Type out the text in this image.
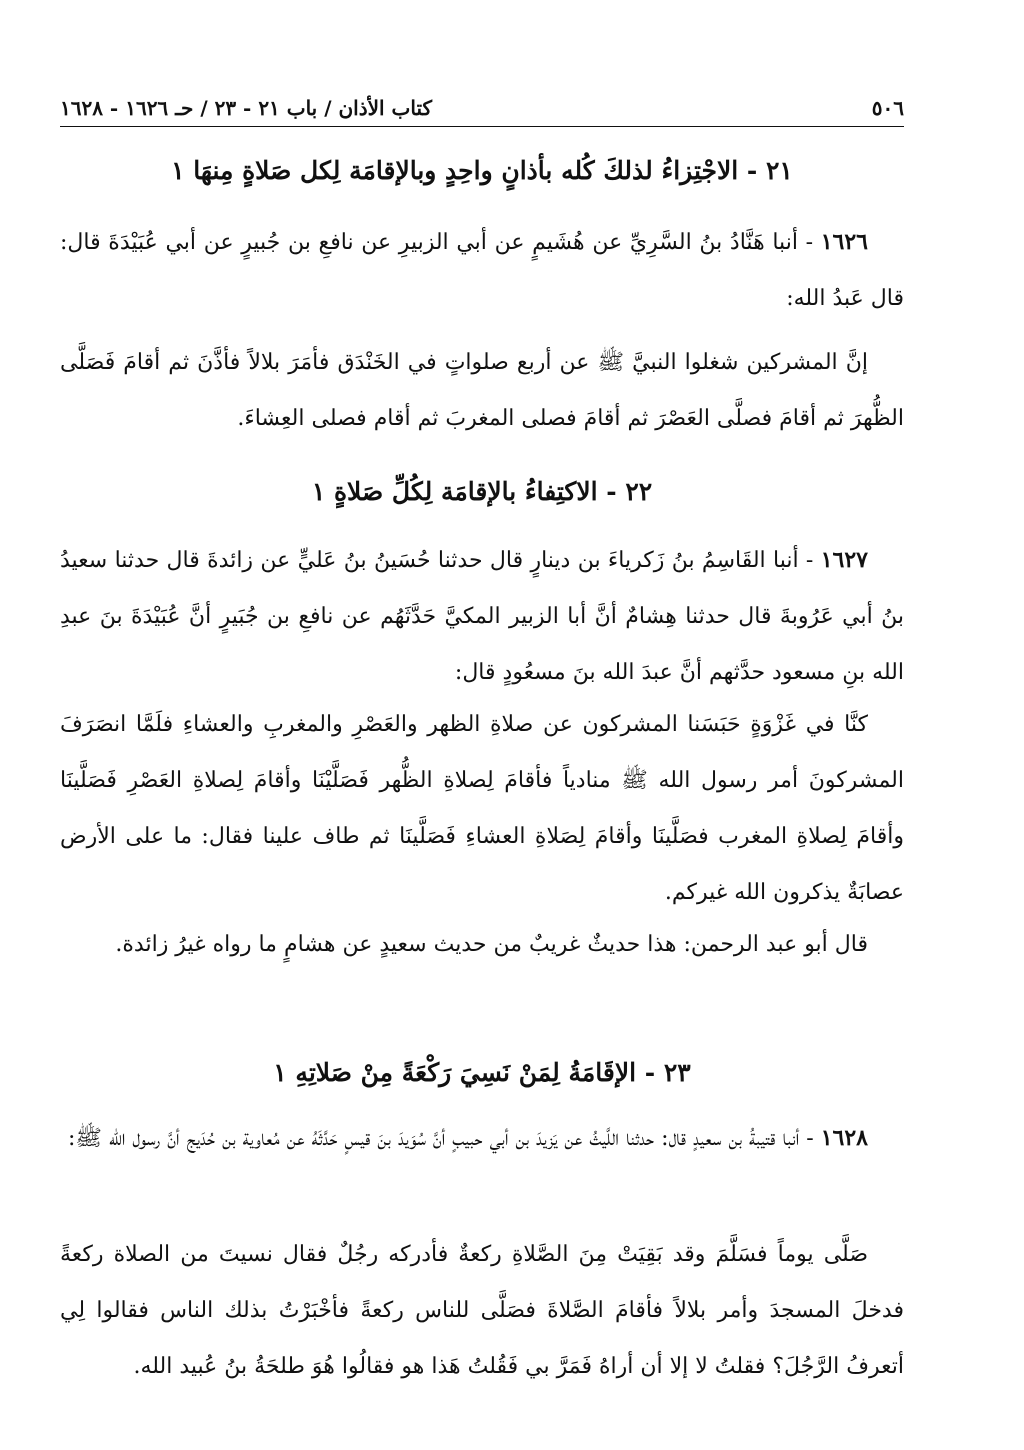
٥٠٦
كتاب الأذان / باب ٢١ - ٢٣ / حـ ١٦٢٦ - ١٦٢٨
٢١ - الاجْتِزاءُ لذلكَ كُله بأذانٍ واحِدٍ وبالإقامَة لِكل صَلاةٍ مِنهَا ١

١٦٢٦ - أنبا هَنَّادُ بنُ السَّرِيِّ عن هُشَيمٍ عن أبي الزبيرِ عن نافعِ بن جُبيرٍ عن أبي عُبَيْدَةَ قال: قال عَبدُ الله:

إنَّ المشركين شغلوا النبيَّ ﷺ عن أربع صلواتٍ في الخَنْدَق فأمَرَ بلالاً فأذَّنَ ثم أقامَ فَصَلَّى الظُّهرَ ثم أقامَ فصلَّى العَصْرَ ثم أقامَ فصلى المغربَ ثم أقام فصلى العِشاءَ.

٢٢ - الاكتِفاءُ بالإقامَة لِكُلِّ صَلاةٍ ١

١٦٢٧ - أنبا القَاسِمُ بنُ زَكرياءَ بن دينارٍ قال حدثنا حُسَينُ بنُ عَليٍّ عن زائدةَ قال حدثنا سعيدُ بنُ أبي عَرُوبةَ قال حدثنا هِشامٌ أنَّ أبا الزبير المكيَّ حَدَّثَهُم عن نافعِ بن جُبَيرٍ أنَّ عُبَيْدَةَ بنَ عبدِ الله بنِ مسعود حدَّثهم أنَّ عبدَ الله بنَ مسعُودٍ قال:

كنَّا في غَزْوَةٍ حَبَسَنا المشركون عن صلاةِ الظهر والعَصْرِ والمغربِ والعشاءِ فلَمَّا انصَرَفَ المشركونَ أمر رسول الله ﷺ منادياً فأقامَ لِصلاةِ الظُّهر فَصَلَّيْنَا وأقامَ لِصلاةِ العَصْرِ فَصَلَّينَا وأقامَ لِصلاةِ المغرب فصَلَّينَا وأقامَ لِصَلاةِ العشاءِ فَصَلَّينَا ثم طاف علينا فقال: ما على الأرض عصابَةٌ يذكرون الله غيركم.

قال أبو عبد الرحمن: هذا حديثٌ غريبٌ من حديث سعيدٍ عن هشامٍ ما رواه غيرُ زائدة.

٢٣ - الإقَامَةُ لِمَنْ نَسِيَ رَكْعَةً مِنْ صَلاتِهِ ١

١٦٢٨ - أنبا قتيبةُ بن سعيدٍ قال: حدثنا اللَّيثُ عن يَزيدَ بن أبي حبيبٍ أنَّ سُوَيدَ بنَ قيسٍ حَدَّثَهُ عن مُعاوية بن حُدَيج أنَّ رسول الله ﷺ:

صَلَّى يوماً فسَلَّمَ وقد بَقِيَتْ مِنَ الصَّلاةِ ركعةٌ فأدركه رجُلٌ فقال نسيتَ من الصلاة ركعةً فدخلَ المسجدَ وأمر بلالاً فأقامَ الصَّلاةَ فصَلَّى للناس ركعةً فأخْبَرْتُ بذلك الناس فقالوا لِي أتعرفُ الرَّجُلَ؟ فقلتُ لا إلا أن أراهُ فَمَرَّ بي فَقُلتُ هَذا هو فقالُوا هُوَ طلحَةُ بنُ عُبيد الله.
